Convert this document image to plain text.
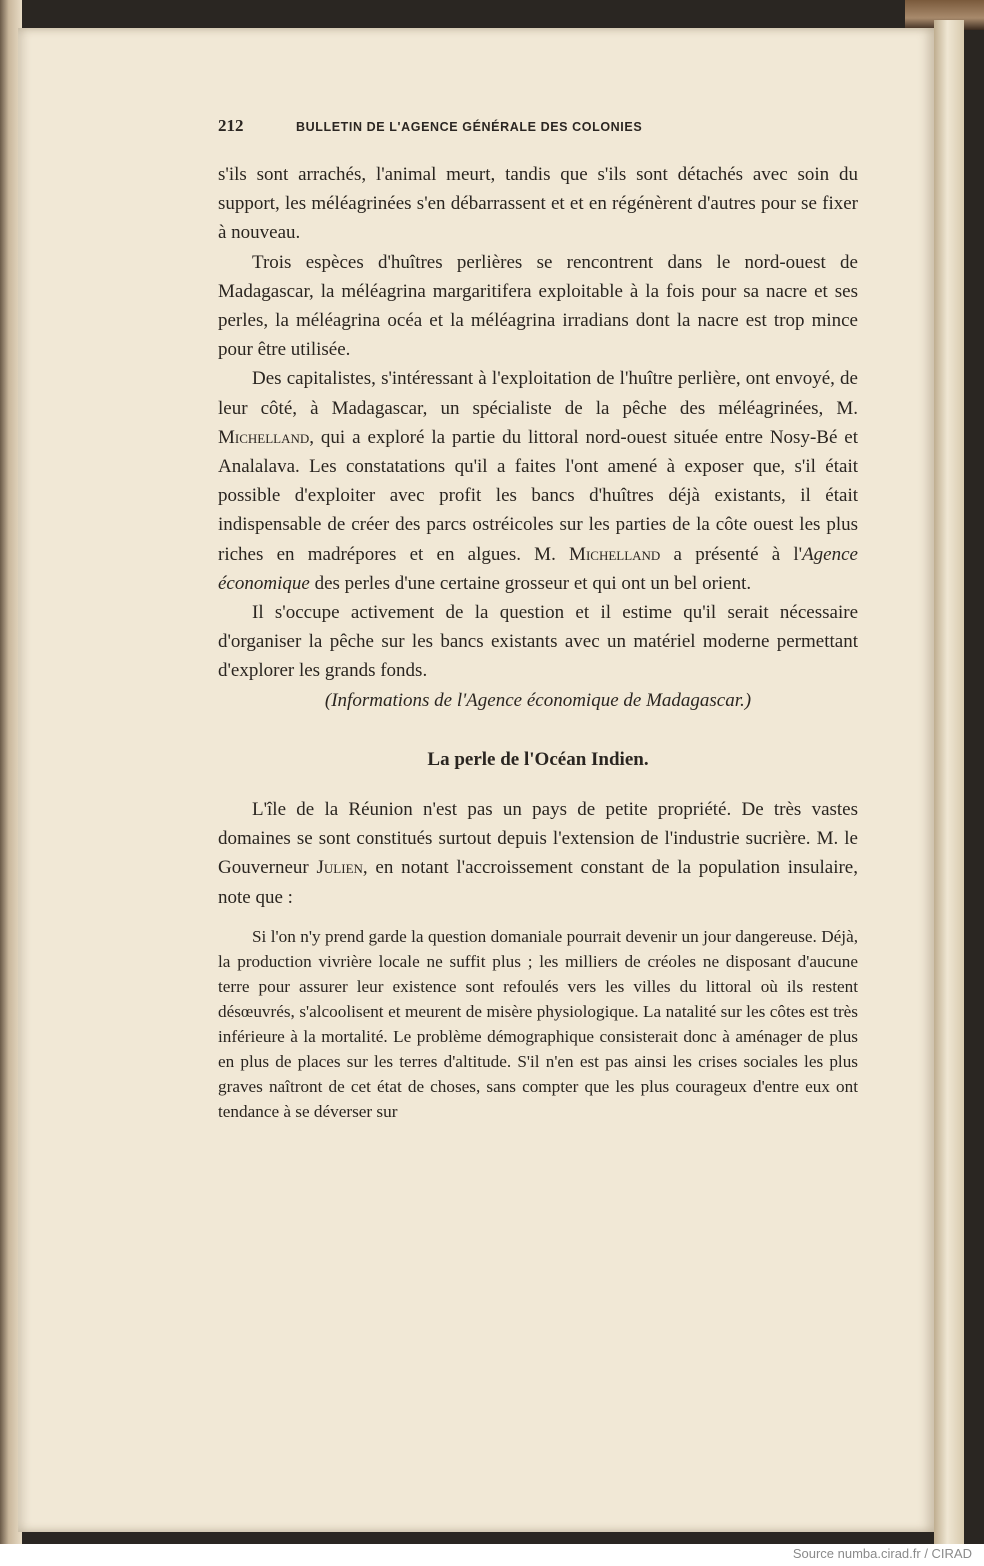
212	BULLETIN DE L'AGENCE GÉNÉRALE DES COLONIES

s'ils sont arrachés, l'animal meurt, tandis que s'ils sont détachés avec soin du support, les méléagrinées s'en débarrassent et et en régénèrent d'autres pour se fixer à nouveau.

Trois espèces d'huîtres perlières se rencontrent dans le nord-ouest de Madagascar, la méléagrina margaritifera exploitable à la fois pour sa nacre et ses perles, la méléagrina océa et la méléagrina irradians dont la nacre est trop mince pour être utilisée.

Des capitalistes, s'intéressant à l'exploitation de l'huître perlière, ont envoyé, de leur côté, à Madagascar, un spécialiste de la pêche des méléagrinées, M. Michelland, qui a exploré la partie du littoral nord-ouest située entre Nosy-Bé et Analalava. Les constatations qu'il a faites l'ont amené à exposer que, s'il était possible d'exploiter avec profit les bancs d'huîtres déjà existants, il était indispensable de créer des parcs ostréicoles sur les parties de la côte ouest les plus riches en madrépores et en algues. M. Michelland a présenté à l'Agence économique des perles d'une certaine grosseur et qui ont un bel orient.

Il s'occupe activement de la question et il estime qu'il serait nécessaire d'organiser la pêche sur les bancs existants avec un matériel moderne permettant d'explorer les grands fonds.

(Informations de l'Agence économique de Madagascar.)

La perle de l'Océan Indien.

L'île de la Réunion n'est pas un pays de petite propriété. De très vastes domaines se sont constitués surtout depuis l'extension de l'industrie sucrière. M. le Gouverneur Julien, en notant l'accroissement constant de la population insulaire, note que :

Si l'on n'y prend garde la question domaniale pourrait devenir un jour dangereuse. Déjà, la production vivrière locale ne suffit plus ; les milliers de créoles ne disposant d'aucune terre pour assurer leur existence sont refoulés vers les villes du littoral où ils restent désœuvrés, s'alcoolisent et meurent de misère physiologique. La natalité sur les côtes est très inférieure à la mortalité. Le problème démographique consisterait donc à aménager de plus en plus de places sur les terres d'altitude. S'il n'en est pas ainsi les crises sociales les plus graves naîtront de cet état de choses, sans compter que les plus courageux d'entre eux ont tendance à se déverser sur

Source numba.cirad.fr / CIRAD
